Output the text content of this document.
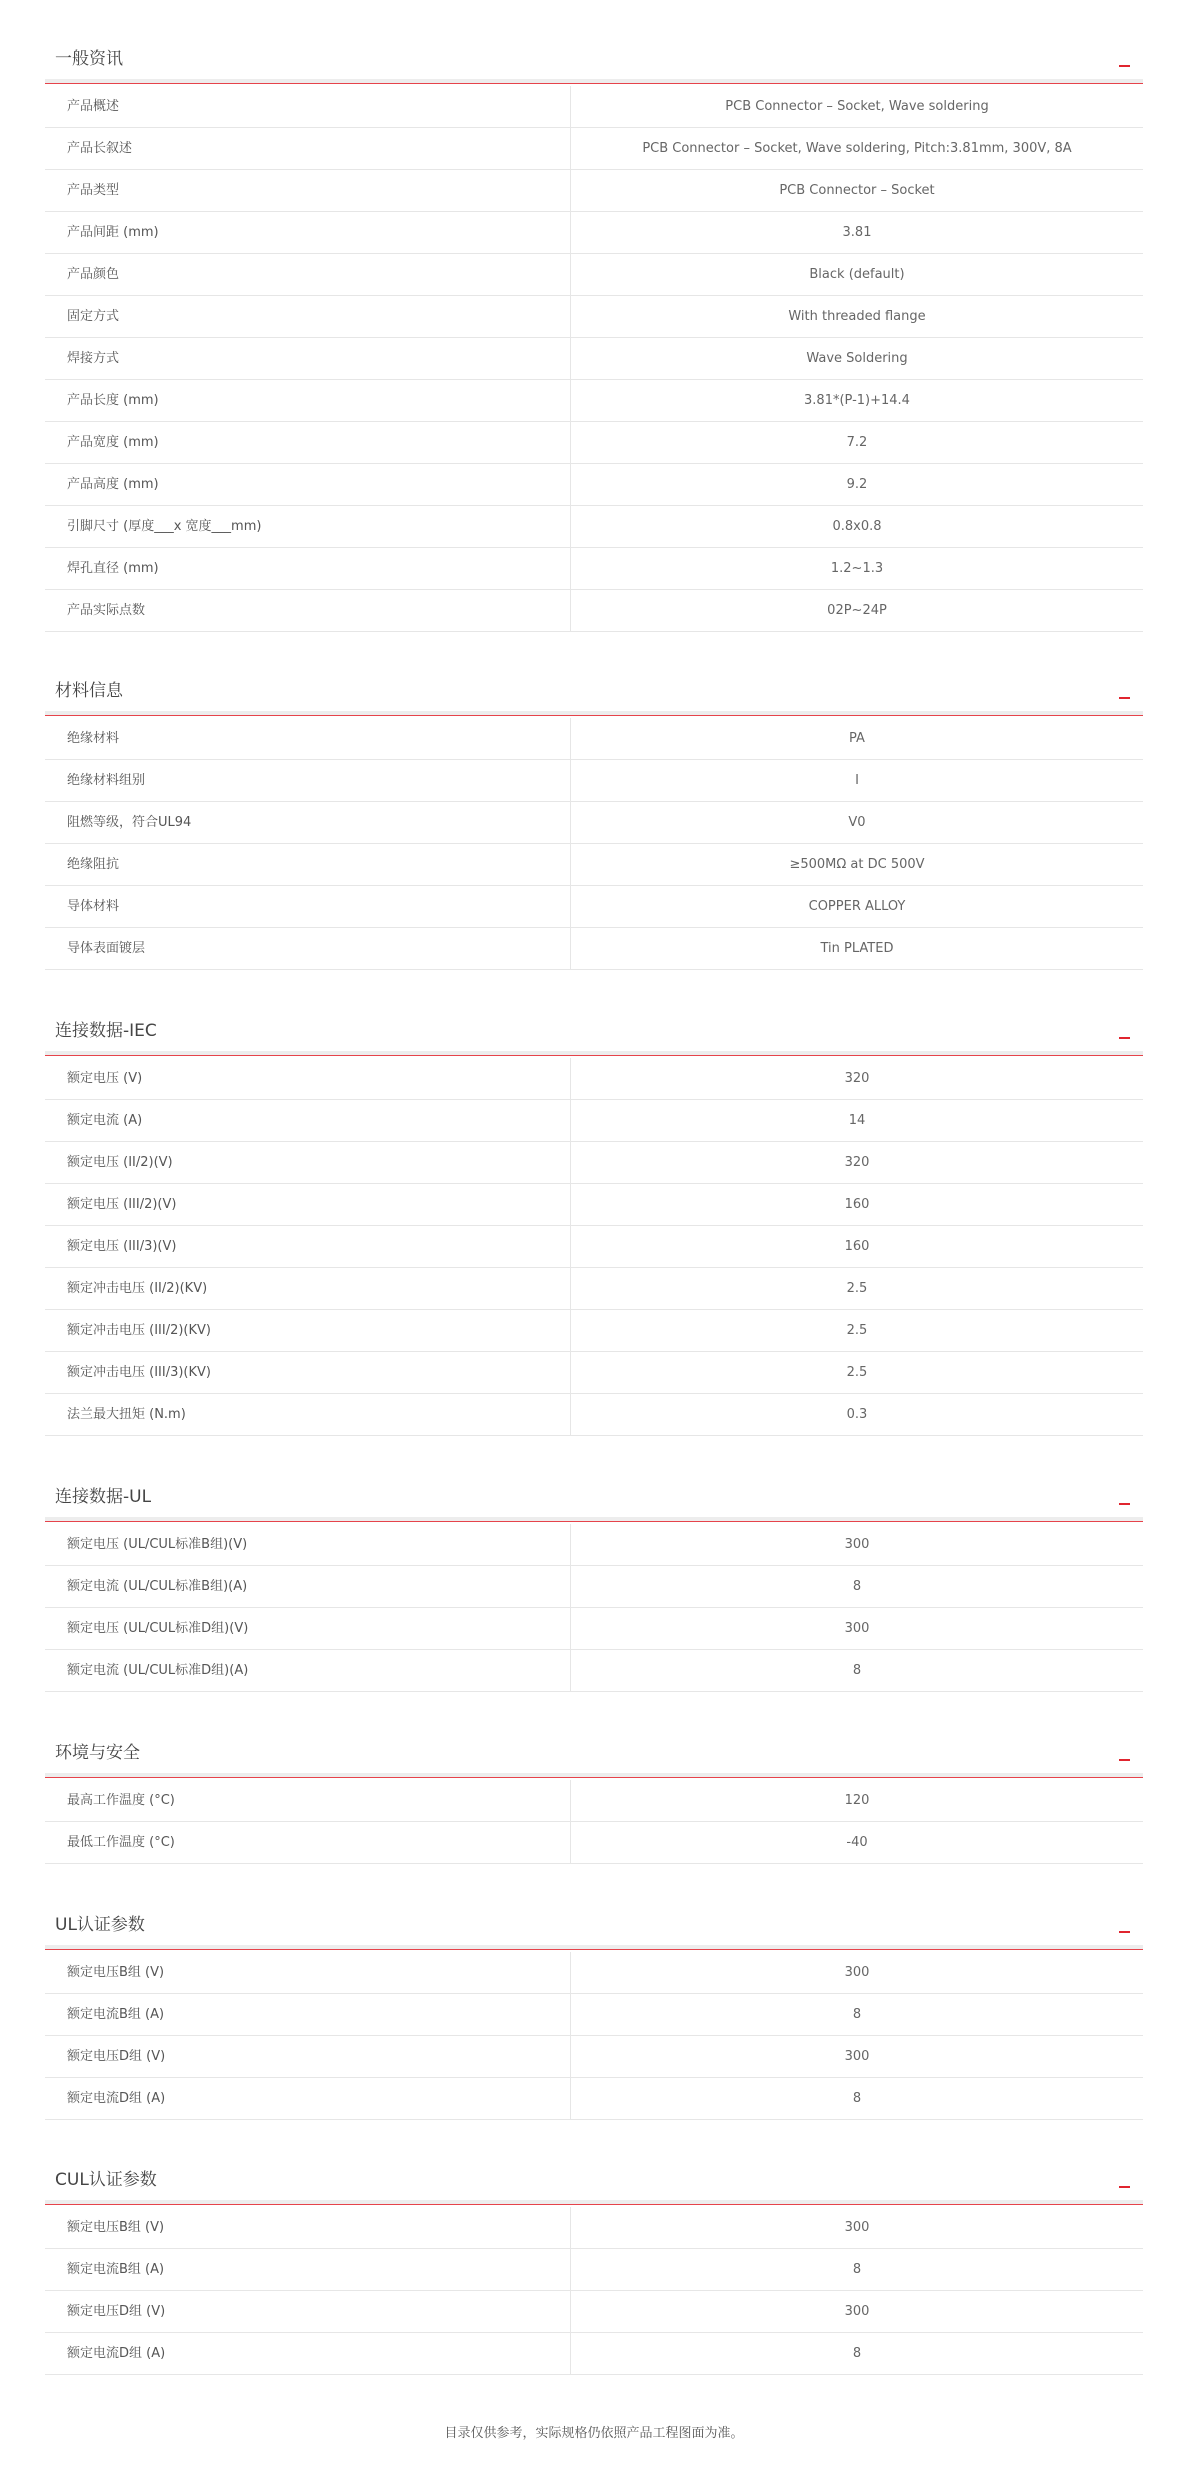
一般资讯
产品概述	PCB Connector – Socket, Wave soldering
产品长叙述	PCB Connector – Socket, Wave soldering, Pitch:3.81mm, 300V, 8A
产品类型	PCB Connector – Socket
产品间距 (mm)	3.81
产品颜色	Black (default)
固定方式	With threaded flange
焊接方式	Wave Soldering
产品长度 (mm)	3.81*(P-1)+14.4
产品宽度 (mm)	7.2
产品高度 (mm)	9.2
引脚尺寸 (厚度___x 宽度___mm)	0.8x0.8
焊孔直径 (mm)	1.2~1.3
产品实际点数	02P~24P
材料信息
绝缘材料	PA
绝缘材料组别	I
阻燃等级，符合UL94	V0
绝缘阻抗	≥500MΩ at DC 500V
导体材料	COPPER ALLOY
导体表面镀层	Tin PLATED
连接数据-IEC
额定电压 (V)	320
额定电流 (A)	14
额定电压 (II/2)(V)	320
额定电压 (III/2)(V)	160
额定电压 (III/3)(V)	160
额定冲击电压 (II/2)(KV)	2.5
额定冲击电压 (III/2)(KV)	2.5
额定冲击电压 (III/3)(KV)	2.5
法兰最大扭矩 (N.m)	0.3
连接数据-UL
额定电压 (UL/CUL标准B组)(V)	300
额定电流 (UL/CUL标准B组)(A)	8
额定电压 (UL/CUL标准D组)(V)	300
额定电流 (UL/CUL标准D组)(A)	8
环境与安全
最高工作温度 (°C)	120
最低工作温度 (°C)	-40
UL认证参数
额定电压B组 (V)	300
额定电流B组 (A)	8
额定电压D组 (V)	300
额定电流D组 (A)	8
CUL认证参数
额定电压B组 (V)	300
额定电流B组 (A)	8
额定电压D组 (V)	300
额定电流D组 (A)	8
目录仅供参考，实际规格仍依照产品工程图面为准。
